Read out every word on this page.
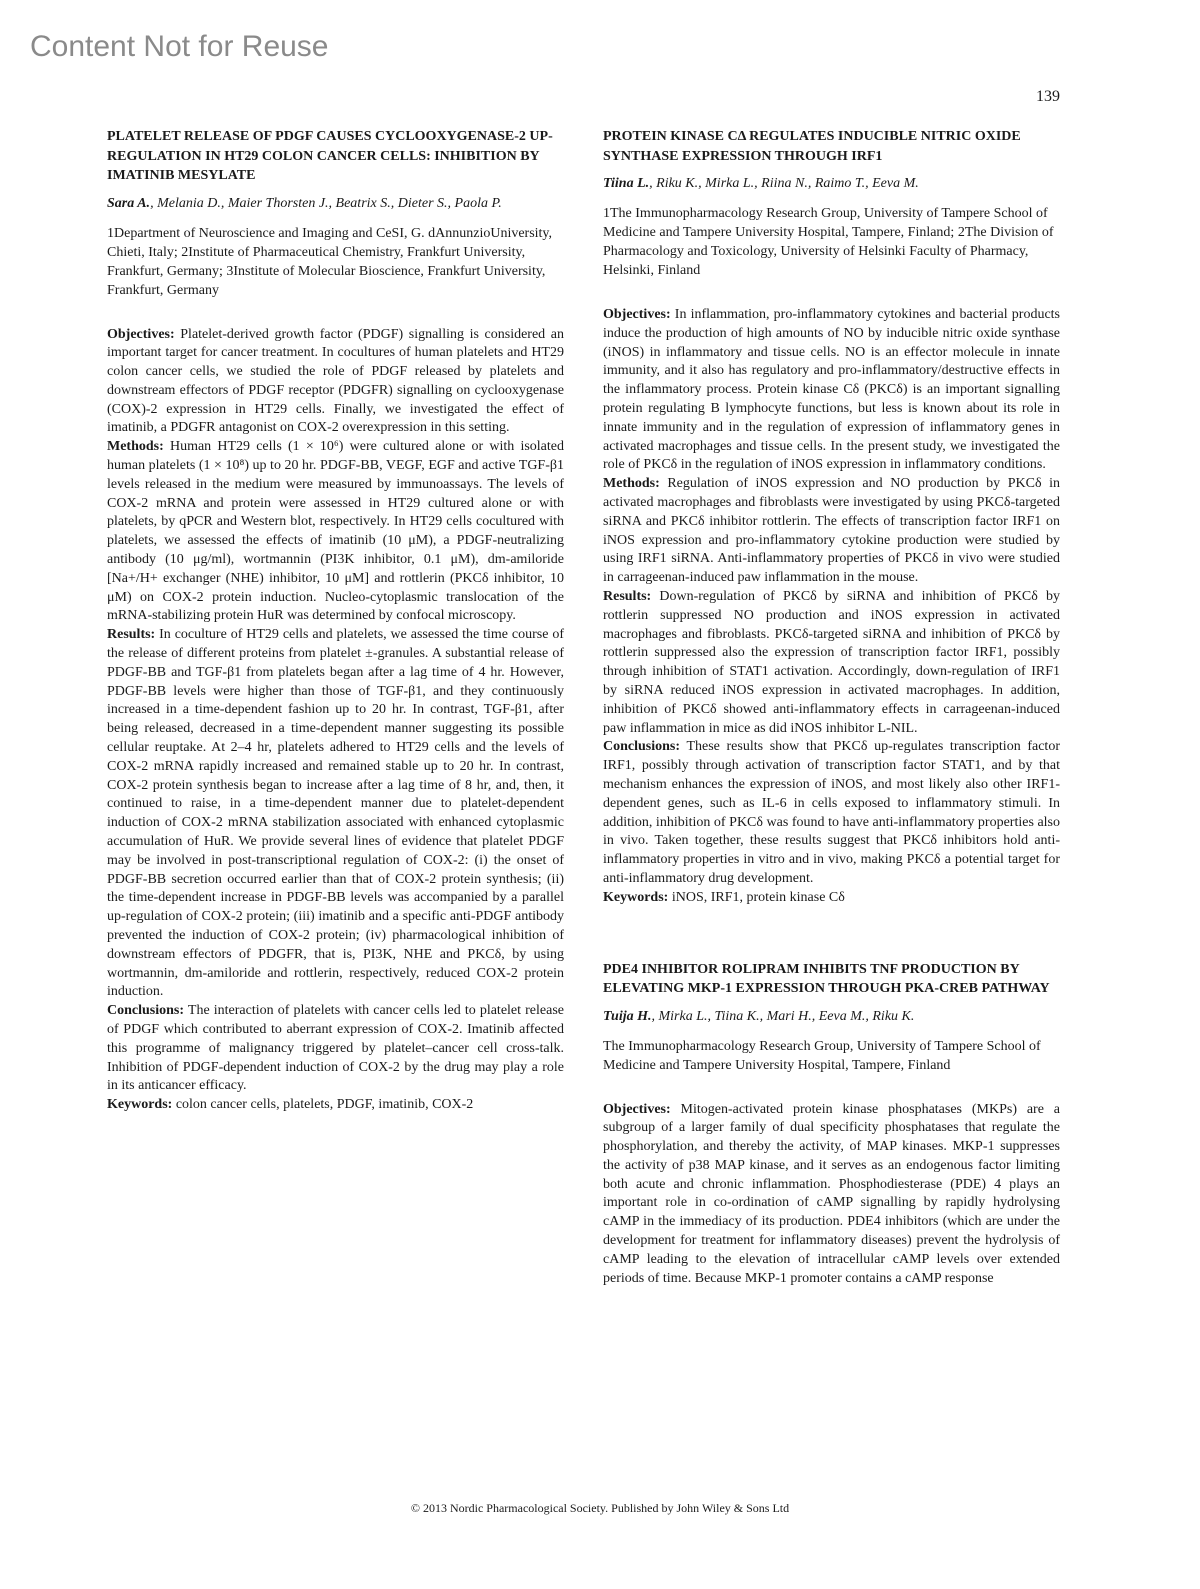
Content Not for Reuse
139
PLATELET RELEASE OF PDGF CAUSES CYCLOOXYGENASE-2 UP-REGULATION IN HT29 COLON CANCER CELLS: INHIBITION BY IMATINIB MESYLATE

Sara A., Melania D., Maier Thorsten J., Beatrix S., Dieter S., Paola P.

1Department of Neuroscience and Imaging and CeSI, G. dAnnunzioUniversity, Chieti, Italy; 2Institute of Pharmaceutical Chemistry, Frankfurt University, Frankfurt, Germany; 3Institute of Molecular Bioscience, Frankfurt University, Frankfurt, Germany

Objectives: Platelet-derived growth factor (PDGF) signalling is considered an important target for cancer treatment. In cocultures of human platelets and HT29 colon cancer cells, we studied the role of PDGF released by platelets and downstream effectors of PDGF receptor (PDGFR) signalling on cyclooxygenase (COX)-2 expression in HT29 cells. Finally, we investigated the effect of imatinib, a PDGFR antagonist on COX-2 overexpression in this setting.

Methods: Human HT29 cells (1 × 10⁶) were cultured alone or with isolated human platelets (1 × 10⁸) up to 20 hr. PDGF-BB, VEGF, EGF and active TGF-β1 levels released in the medium were measured by immunoassays. The levels of COX-2 mRNA and protein were assessed in HT29 cultured alone or with platelets, by qPCR and Western blot, respectively. In HT29 cells cocultured with platelets, we assessed the effects of imatinib (10 μM), a PDGF-neutralizing antibody (10 μg/ml), wortmannin (PI3K inhibitor, 0.1 μM), dm-amiloride [Na+/H+ exchanger (NHE) inhibitor, 10 μM] and rottlerin (PKCδ inhibitor, 10 μM) on COX-2 protein induction. Nucleo-cytoplasmic translocation of the mRNA-stabilizing protein HuR was determined by confocal microscopy.

Results: In coculture of HT29 cells and platelets, we assessed the time course of the release of different proteins from platelet ±-granules. A substantial release of PDGF-BB and TGF-β1 from platelets began after a lag time of 4 hr. However, PDGF-BB levels were higher than those of TGF-β1, and they continuously increased in a time-dependent fashion up to 20 hr. In contrast, TGF-β1, after being released, decreased in a time-dependent manner suggesting its possible cellular reuptake. At 2–4 hr, platelets adhered to HT29 cells and the levels of COX-2 mRNA rapidly increased and remained stable up to 20 hr. In contrast, COX-2 protein synthesis began to increase after a lag time of 8 hr, and, then, it continued to raise, in a time-dependent manner due to platelet-dependent induction of COX-2 mRNA stabilization associated with enhanced cytoplasmic accumulation of HuR. We provide several lines of evidence that platelet PDGF may be involved in post-transcriptional regulation of COX-2: (i) the onset of PDGF-BB secretion occurred earlier than that of COX-2 protein synthesis; (ii) the time-dependent increase in PDGF-BB levels was accompanied by a parallel up-regulation of COX-2 protein; (iii) imatinib and a specific anti-PDGF antibody prevented the induction of COX-2 protein; (iv) pharmacological inhibition of downstream effectors of PDGFR, that is, PI3K, NHE and PKCδ, by using wortmannin, dm-amiloride and rottlerin, respectively, reduced COX-2 protein induction.

Conclusions: The interaction of platelets with cancer cells led to platelet release of PDGF which contributed to aberrant expression of COX-2. Imatinib affected this programme of malignancy triggered by platelet–cancer cell cross-talk. Inhibition of PDGF-dependent induction of COX-2 by the drug may play a role in its anticancer efficacy.

Keywords: colon cancer cells, platelets, PDGF, imatinib, COX-2

PROTEIN KINASE CΔ REGULATES INDUCIBLE NITRIC OXIDE SYNTHASE EXPRESSION THROUGH IRF1

Tiina L., Riku K., Mirka L., Riina N., Raimo T., Eeva M.

1The Immunopharmacology Research Group, University of Tampere School of Medicine and Tampere University Hospital, Tampere, Finland; 2The Division of Pharmacology and Toxicology, University of Helsinki Faculty of Pharmacy, Helsinki, Finland

Objectives: In inflammation, pro-inflammatory cytokines and bacterial products induce the production of high amounts of NO by inducible nitric oxide synthase (iNOS) in inflammatory and tissue cells. NO is an effector molecule in innate immunity, and it also has regulatory and pro-inflammatory/destructive effects in the inflammatory process. Protein kinase Cδ (PKCδ) is an important signalling protein regulating B lymphocyte functions, but less is known about its role in innate immunity and in the regulation of expression of inflammatory genes in activated macrophages and tissue cells. In the present study, we investigated the role of PKCδ in the regulation of iNOS expression in inflammatory conditions.

Methods: Regulation of iNOS expression and NO production by PKCδ in activated macrophages and fibroblasts were investigated by using PKCδ-targeted siRNA and PKCδ inhibitor rottlerin. The effects of transcription factor IRF1 on iNOS expression and pro-inflammatory cytokine production were studied by using IRF1 siRNA. Anti-inflammatory properties of PKCδ in vivo were studied in carrageenan-induced paw inflammation in the mouse.

Results: Down-regulation of PKCδ by siRNA and inhibition of PKCδ by rottlerin suppressed NO production and iNOS expression in activated macrophages and fibroblasts. PKCδ-targeted siRNA and inhibition of PKCδ by rottlerin suppressed also the expression of transcription factor IRF1, possibly through inhibition of STAT1 activation. Accordingly, down-regulation of IRF1 by siRNA reduced iNOS expression in activated macrophages. In addition, inhibition of PKCδ showed anti-inflammatory effects in carrageenan-induced paw inflammation in mice as did iNOS inhibitor L-NIL.

Conclusions: These results show that PKCδ up-regulates transcription factor IRF1, possibly through activation of transcription factor STAT1, and by that mechanism enhances the expression of iNOS, and most likely also other IRF1-dependent genes, such as IL-6 in cells exposed to inflammatory stimuli. In addition, inhibition of PKCδ was found to have anti-inflammatory properties also in vivo. Taken together, these results suggest that PKCδ inhibitors hold anti-inflammatory properties in vitro and in vivo, making PKCδ a potential target for anti-inflammatory drug development.

Keywords: iNOS, IRF1, protein kinase Cδ

PDE4 INHIBITOR ROLIPRAM INHIBITS TNF PRODUCTION BY ELEVATING MKP-1 EXPRESSION THROUGH PKA-CREB PATHWAY

Tuija H., Mirka L., Tiina K., Mari H., Eeva M., Riku K.

The Immunopharmacology Research Group, University of Tampere School of Medicine and Tampere University Hospital, Tampere, Finland

Objectives: Mitogen-activated protein kinase phosphatases (MKPs) are a subgroup of a larger family of dual specificity phosphatases that regulate the phosphorylation, and thereby the activity, of MAP kinases. MKP-1 suppresses the activity of p38 MAP kinase, and it serves as an endogenous factor limiting both acute and chronic inflammation. Phosphodiesterase (PDE) 4 plays an important role in co-ordination of cAMP signalling by rapidly hydrolysing cAMP in the immediacy of its production. PDE4 inhibitors (which are under the development for treatment for inflammatory diseases) prevent the hydrolysis of cAMP leading to the elevation of intracellular cAMP levels over extended periods of time. Because MKP-1 promoter contains a cAMP response

© 2013 Nordic Pharmacological Society. Published by John Wiley & Sons Ltd
